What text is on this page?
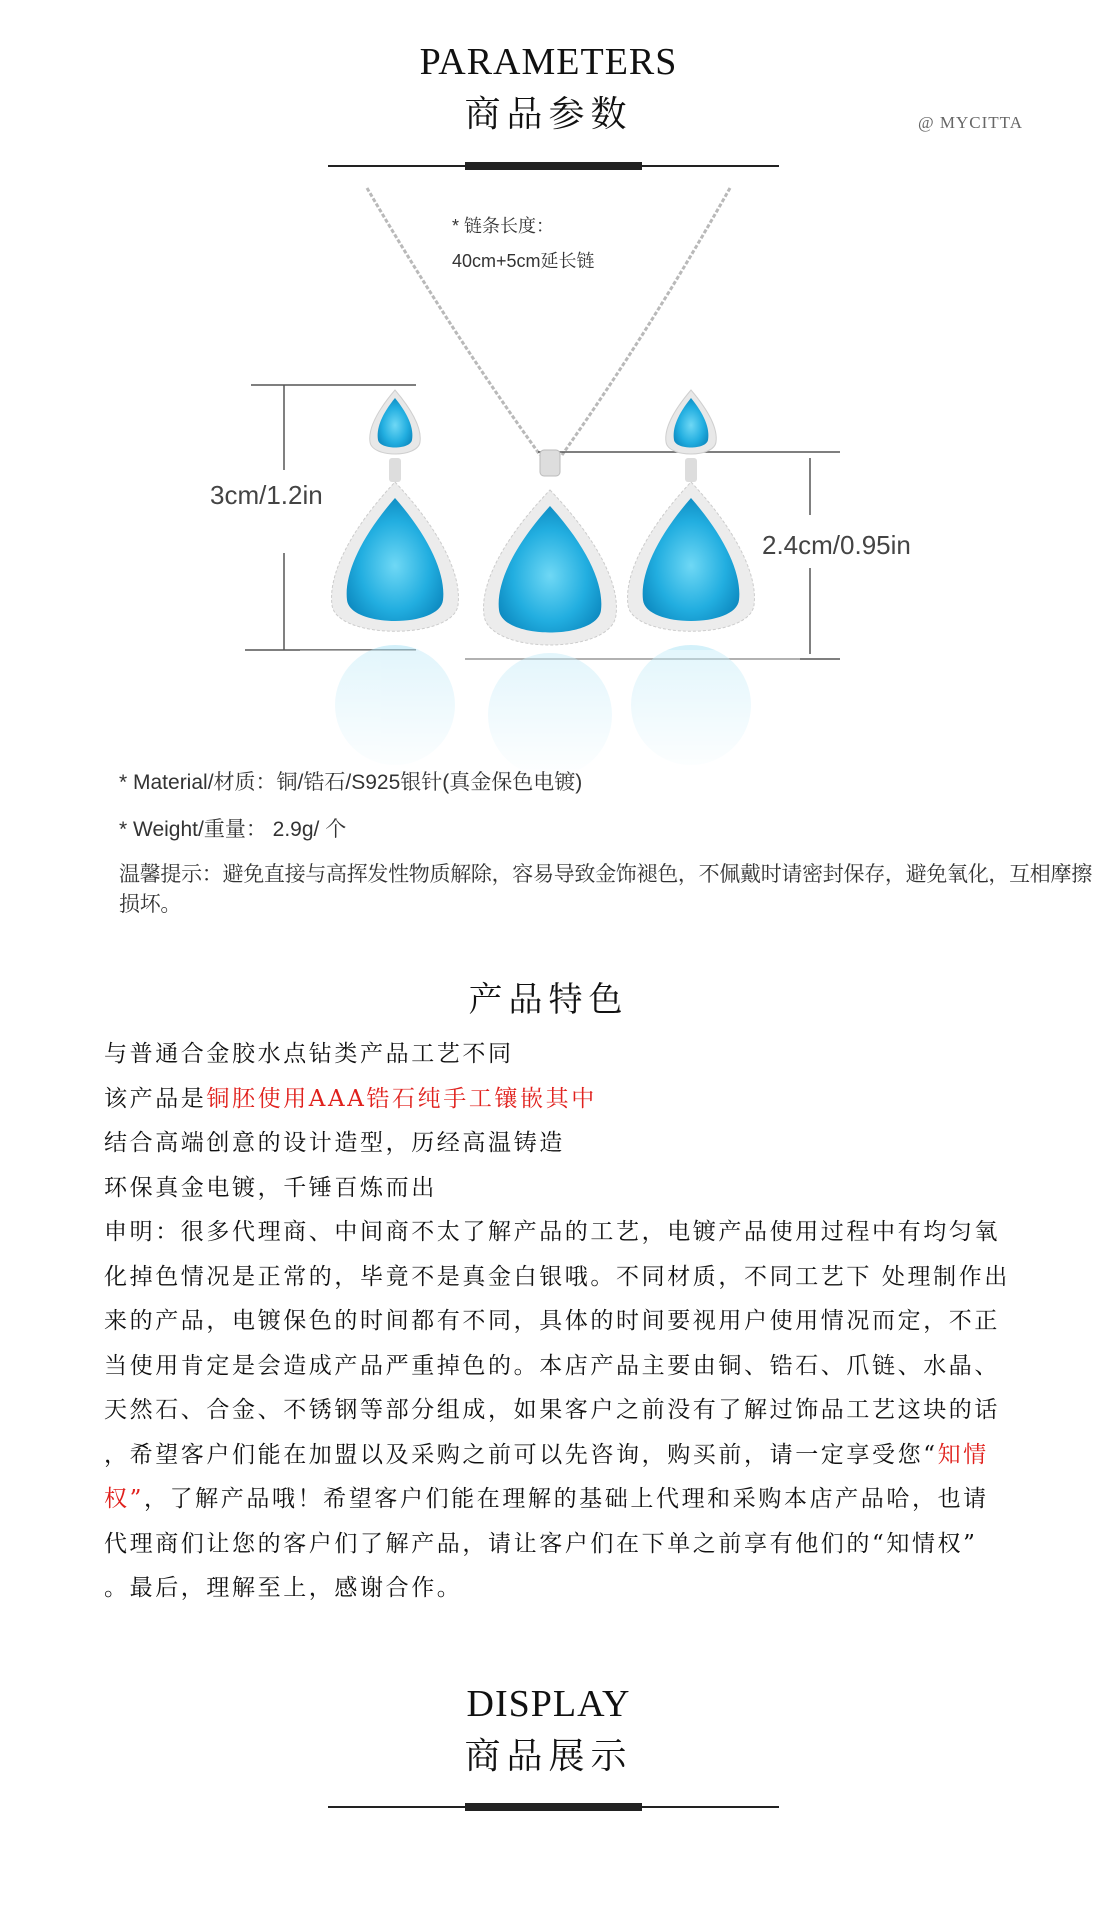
PARAMETERS
商品参数	@ MYCITTA
* 链条长度：
40cm+5cm延长链
3cm/1.2in
2.4cm/0.95in
* Material/材质：铜/锆石/S925银针(真金保色电镀)
* Weight/重量： 2.9g/ 个
温馨提示：避免直接与高挥发性物质解除，容易导致金饰褪色，不佩戴时请密封保存，避免氧化，互相摩擦损坏。
产品特色
与普通合金胶水点钻类产品工艺不同
该产品是铜胚使用AAA锆石纯手工镶嵌其中
结合高端创意的设计造型，历经高温铸造
环保真金电镀，千锤百炼而出
申明：很多代理商、中间商不太了解产品的工艺，电镀产品使用过程中有均匀氧
化掉色情况是正常的，毕竟不是真金白银哦。不同材质，不同工艺下 处理制作出
来的产品，电镀保色的时间都有不同，具体的时间要视用户使用情况而定，不正
当使用肯定是会造成产品严重掉色的。本店产品主要由铜、锆石、爪链、水晶、
天然石、合金、不锈钢等部分组成，如果客户之前没有了解过饰品工艺这块的话
，希望客户们能在加盟以及采购之前可以先咨询，购买前，请一定享受您“知情
权”，了解产品哦！希望客户们能在理解的基础上代理和采购本店产品哈，也请
代理商们让您的客户们了解产品，请让客户们在下单之前享有他们的“知情权”
。最后，理解至上，感谢合作。
DISPLAY
商品展示
